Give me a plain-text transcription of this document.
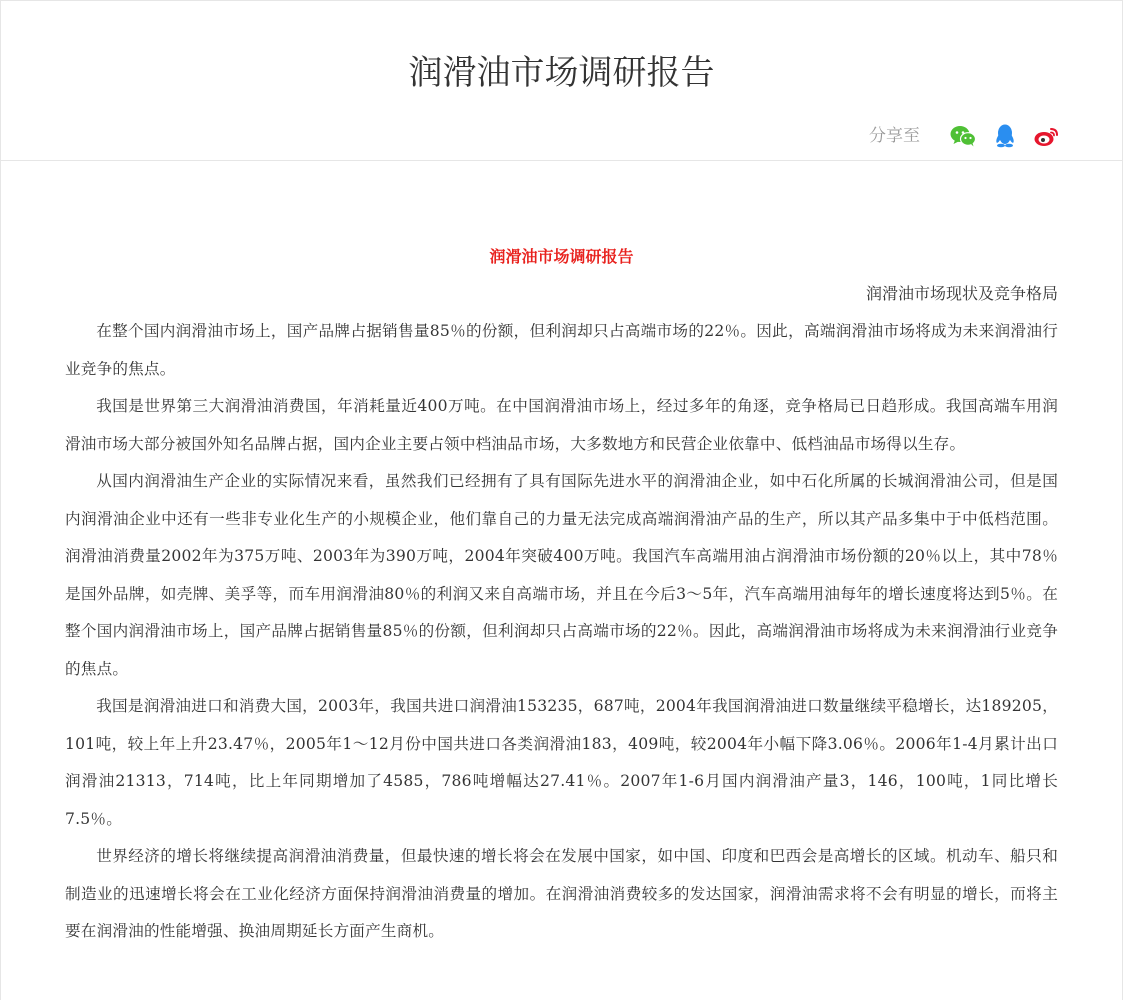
润滑油市场调研报告
分享至

润滑油市场调研报告

润滑油市场现状及竞争格局

在整个国内润滑油市场上，国产品牌占据销售量85％的份额，但利润却只占高端市场的22％。因此，高端润滑油市场将成为未来润滑油行业竞争的焦点。

我国是世界第三大润滑油消费国，年消耗量近400万吨。在中国润滑油市场上，经过多年的角逐，竞争格局已日趋形成。我国高端车用润滑油市场大部分被国外知名品牌占据，国内企业主要占领中档油品市场，大多数地方和民营企业依靠中、低档油品市场得以生存。

从国内润滑油生产企业的实际情况来看，虽然我们已经拥有了具有国际先进水平的润滑油企业，如中石化所属的长城润滑油公司，但是国内润滑油企业中还有一些非专业化生产的小规模企业，他们靠自己的力量无法完成高端润滑油产品的生产，所以其产品多集中于中低档范围。润滑油消费量2002年为375万吨、2003年为390万吨，2004年突破400万吨。我国汽车高端用油占润滑油市场份额的20％以上，其中78％是国外品牌，如壳牌、美孚等，而车用润滑油80％的利润又来自高端市场，并且在今后3～5年，汽车高端用油每年的增长速度将达到5％。在整个国内润滑油市场上，国产品牌占据销售量85％的份额，但利润却只占高端市场的22％。因此，高端润滑油市场将成为未来润滑油行业竞争的焦点。

我国是润滑油进口和消费大国，2003年，我国共进口润滑油153235，687吨，2004年我国润滑油进口数量继续平稳增长，达189205，101吨，较上年上升23.47％，2005年1～12月份中国共进口各类润滑油183，409吨，较2004年小幅下降3.06％。2006年1-4月累计出口润滑油21313，714吨，比上年同期增加了4585，786吨增幅达27.41％。2007年1-6月国内润滑油产量3，146，100吨，1同比增长7.5％。

世界经济的增长将继续提高润滑油消费量，但最快速的增长将会在发展中国家，如中国、印度和巴西会是高增长的区域。机动车、船只和制造业的迅速增长将会在工业化经济方面保持润滑油消费量的增加。在润滑油消费较多的发达国家，润滑油需求将不会有明显的增长，而将主要在润滑油的性能增强、换油周期延长方面产生商机。
